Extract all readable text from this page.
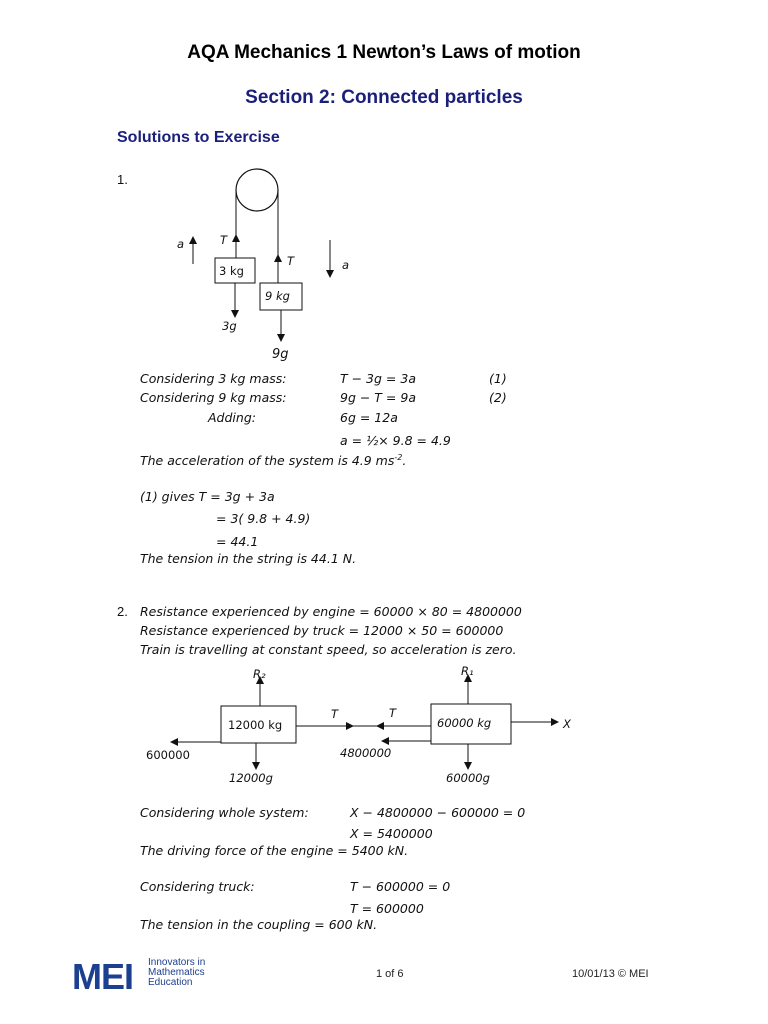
AQA Mechanics 1 Newton’s Laws of motion
Section 2: Connected particles
Solutions to Exercise
1.
a	T
T	a
3 kg
9 kg
3g
9g
Considering 3 kg mass:	T − 3g = 3a	(1)
Considering 9 kg mass:	9g − T = 9a	(2)
Adding:	6g = 12a
a = ½× 9.8 = 4.9
The acceleration of the system is 4.9 $ms^{-2}$.
(1) gives T = 3g + 3a
= 3( 9.8 + 4.9)
= 44.1
The tension in the string is 44.1 N.
2. Resistance experienced by engine = 60000 × 80 = 4800000
Resistance experienced by truck = 12000 × 50 = 600000
Train is travelling at constant speed, so acceleration is zero.
R₂	R₁
12000 kg	60000 kg
T	T
X
600000	4800000
12000g	60000g
Considering whole system:	X − 4800000 − 600000 = 0
X = 5400000
The driving force of the engine = 5400 kN.
Considering truck:	T − 600000 = 0
T = 600000
The tension in the coupling = 600 kN.
MEI Innovators in
Mathematics
Education
1 of 6	10/01/13 © MEI
